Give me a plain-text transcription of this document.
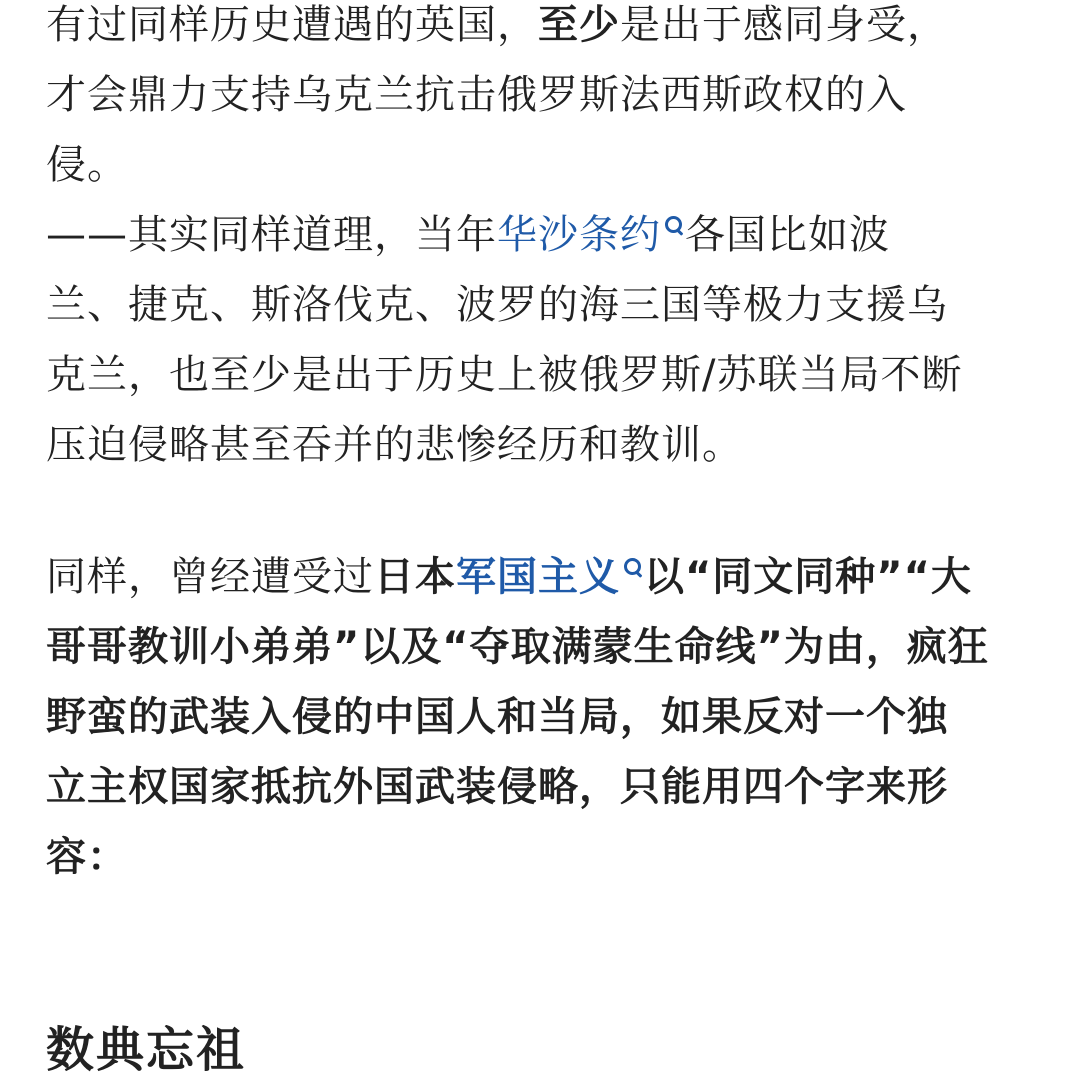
有过同样历史遭遇的英国，至少是出于感同身受，
才会鼎力支持乌克兰抗击俄罗斯法西斯政权的入
侵。
——其实同样道理，当年华沙条约 各国比如波
兰、捷克、斯洛伐克、波罗的海三国等极力支援乌
克兰，也至少是出于历史上被俄罗斯/苏联当局不断
压迫侵略甚至吞并的悲惨经历和教训。
同样，曾经遭受过日本军国主义 以“同文同种”“大
哥哥教训小弟弟”以及“夺取满蒙生命线”为由，疯狂
野蛮的武装入侵的中国人和当局，如果反对一个独
立主权国家抵抗外国武装侵略，只能用四个字来形
容：
数典忘祖
